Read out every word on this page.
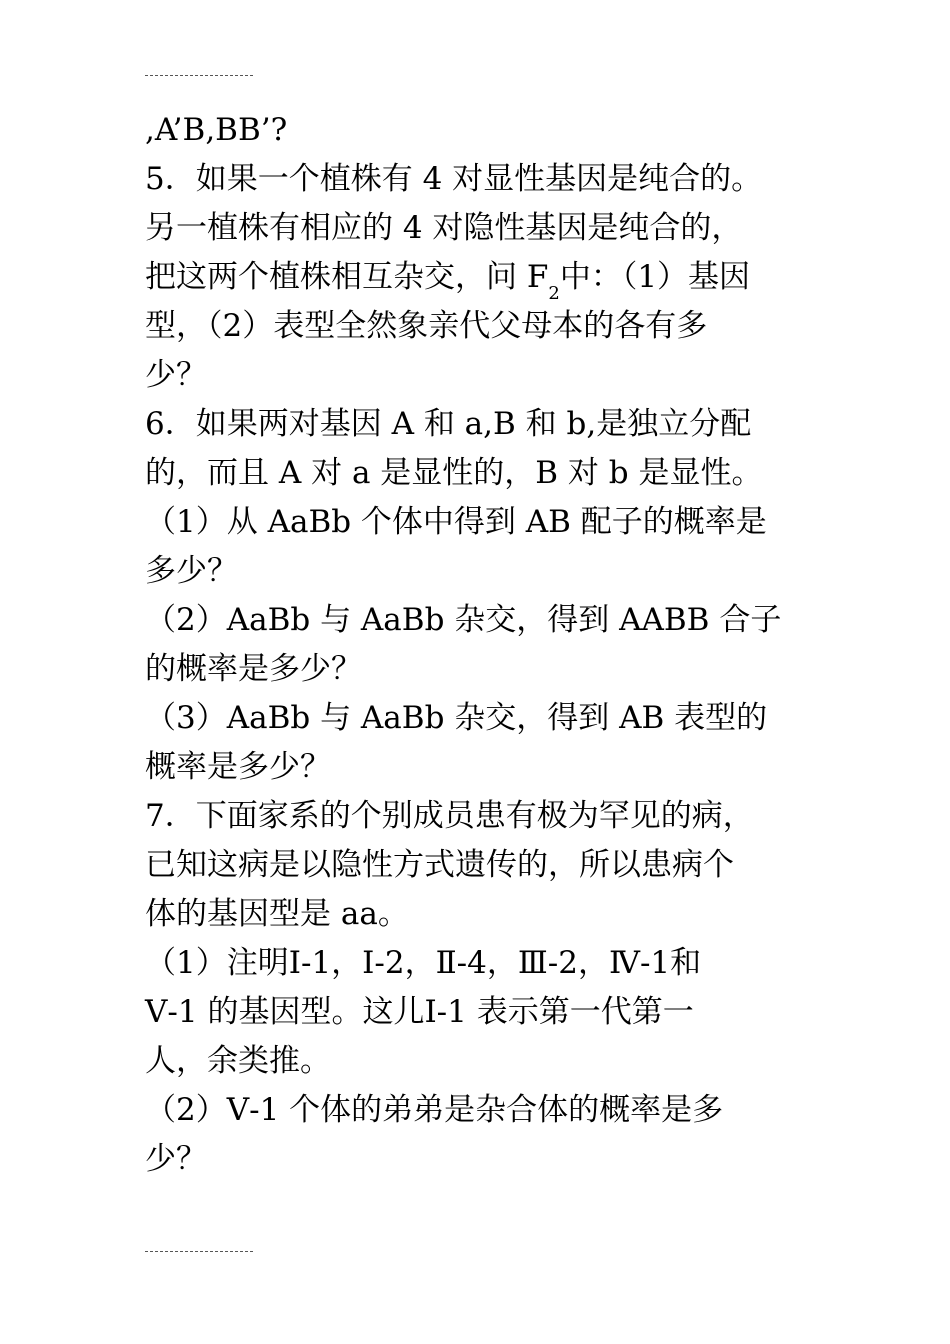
,A’B,BB’?
5．如果一个植株有 4 对显性基因是纯合的。
另一植株有相应的 4 对隐性基因是纯合的，
把这两个植株相互杂交，问 $F_2$中：（1）基因
型，（2）表型全然象亲代父母本的各有多
少？
6．如果两对基因 A 和 a,B 和 b,是独立分配
的，而且 A 对 a 是显性的，B 对 b 是显性。
（1）从 AaBb 个体中得到 AB 配子的概率是
多少？
（2）AaBb 与 AaBb 杂交，得到 AABB 合子
的概率是多少？
（3）AaBb 与 AaBb 杂交，得到 AB 表型的
概率是多少？
7．下面家系的个别成员患有极为罕见的病，
已知这病是以隐性方式遗传的，所以患病个
体的基因型是 aa。
（1）注明Ⅰ-1，Ⅰ-2，Ⅱ-4，Ⅲ-2，Ⅳ-1和
Ⅴ-1 的基因型。这儿Ⅰ-1 表示第一代第一
人，余类推。
（2）Ⅴ-1 个体的弟弟是杂合体的概率是多
少？
